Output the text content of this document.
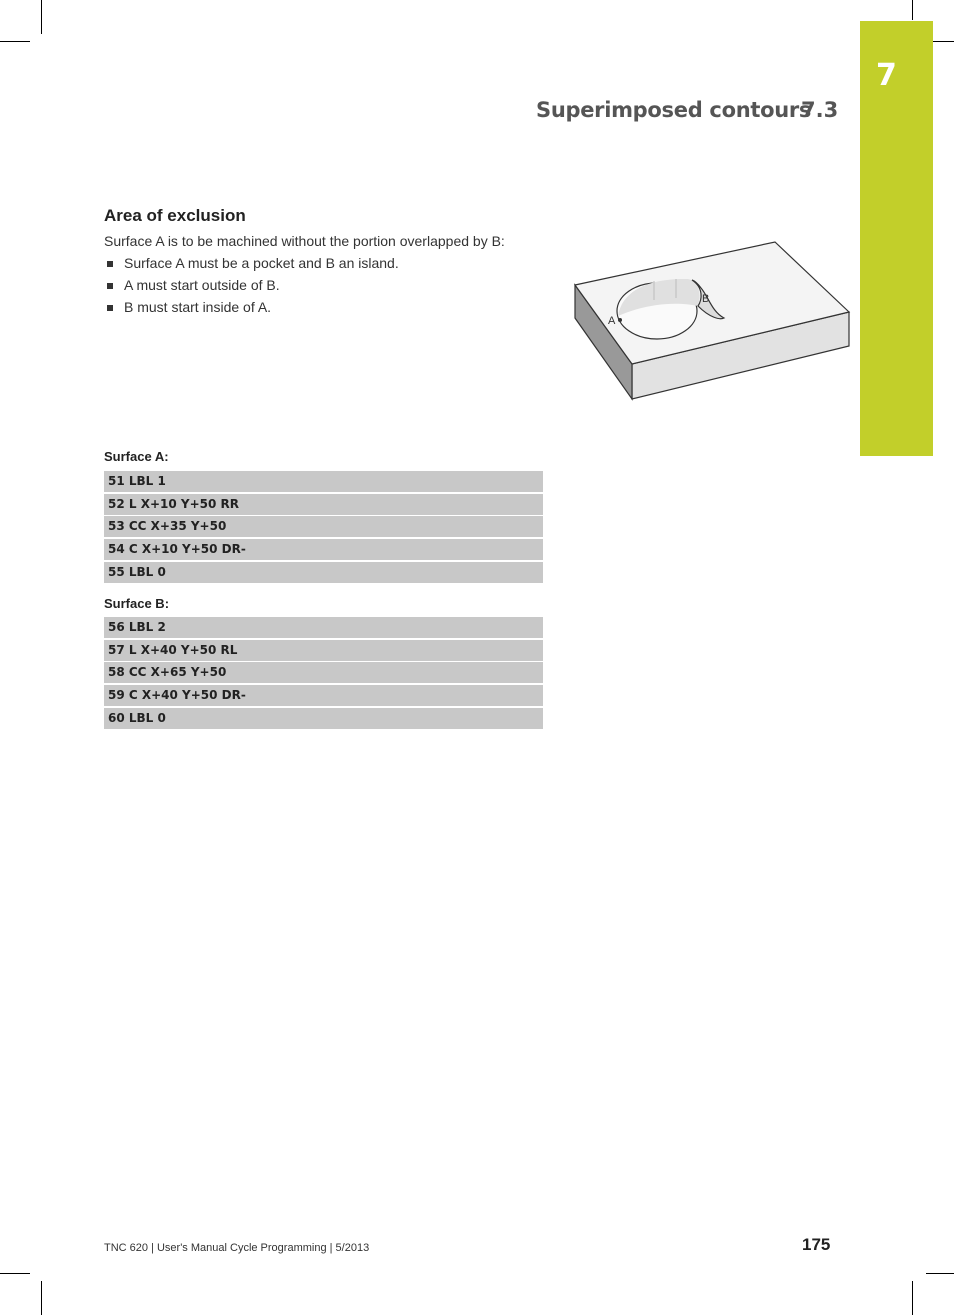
7
Superimposed contours
7.3
Area of exclusion
Surface A is to be machined without the portion overlapped by B:
Surface A must be a pocket and B an island.
A must start outside of B.
B must start inside of A.
A
B
Surface A:
51 LBL 1
52 L X+10 Y+50 RR
53 CC X+35 Y+50
54 C X+10 Y+50 DR-
55 LBL 0
Surface B:
56 LBL 2
57 L X+40 Y+50 RL
58 CC X+65 Y+50
59 C X+40 Y+50 DR-
60 LBL 0
TNC 620 | User's Manual Cycle Programming | 5/2013	175
